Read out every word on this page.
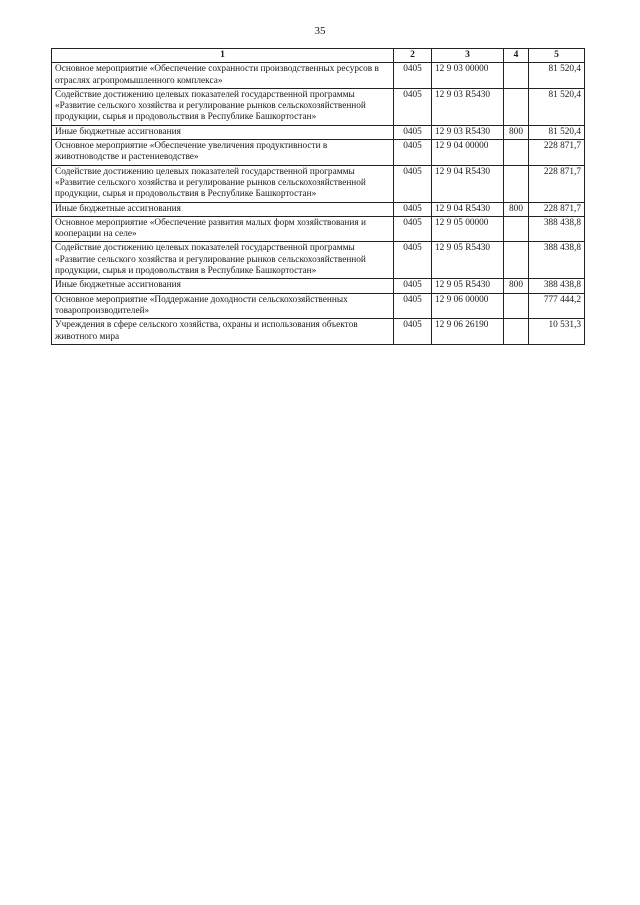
35
1	2	3	4	5
Основное мероприятие «Обеспечение сохранности производственных ресурсов в отраслях агропромышленного комплекса»	0405	12 9 03 00000		81 520,4
Содействие достижению целевых показателей государственной программы «Развитие сельского хозяйства и регулирование рынков сельскохозяйственной продукции, сырья и продовольствия в Республике Башкортостан»	0405	12 9 03 R5430		81 520,4
Иные бюджетные ассигнования	0405	12 9 03 R5430	800	81 520,4
Основное мероприятие «Обеспечение увеличения продуктивности в животноводстве и растениеводстве»	0405	12 9 04 00000		228 871,7
Содействие достижению целевых показателей государственной программы «Развитие сельского хозяйства и регулирование рынков сельскохозяйственной продукции, сырья и продовольствия в Республике Башкортостан»	0405	12 9 04 R5430		228 871,7
Иные бюджетные ассигнования	0405	12 9 04 R5430	800	228 871,7
Основное мероприятие «Обеспечение развития малых форм хозяйствования и кооперации на селе»	0405	12 9 05 00000		388 438,8
Содействие достижению целевых показателей государственной программы «Развитие сельского хозяйства и регулирование рынков сельскохозяйственной продукции, сырья и продовольствия в Республике Башкортостан»	0405	12 9 05 R5430		388 438,8
Иные бюджетные ассигнования	0405	12 9 05 R5430	800	388 438,8
Основное мероприятие «Поддержание доходности сельскохозяйственных товаропроизводителей»	0405	12 9 06 00000		777 444,2
Учреждения в сфере сельского хозяйства, охраны и использования объектов животного мира	0405	12 9 06 26190		10 531,3
